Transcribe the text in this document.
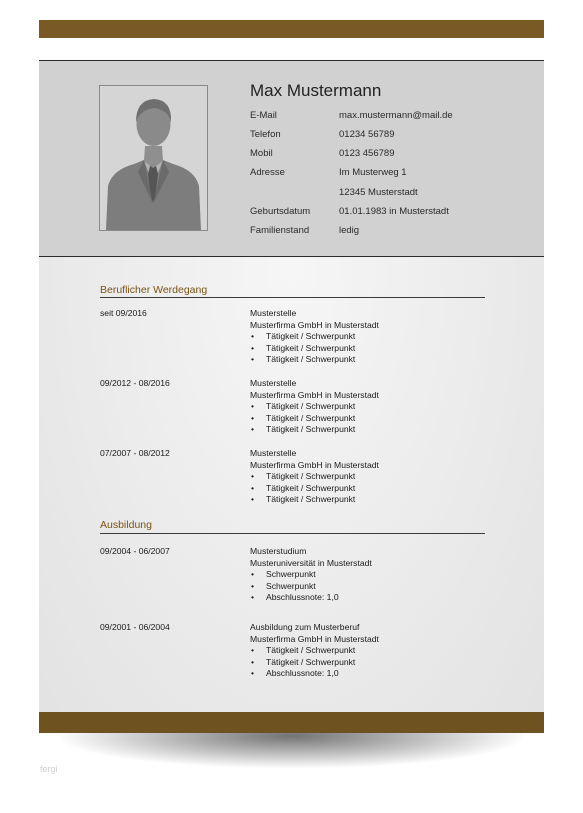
Max Mustermann
E-Mail	max.mustermann@mail.de
Telefon	01234 56789
Mobil	0123 456789
Adresse	Im Musterweg 1
12345 Musterstadt
Geburtsdatum	01.01.1983 in Musterstadt
Familienstand	ledig
Beruflicher Werdegang
seit 09/2016	Musterstelle
Musterfirma GmbH in Musterstadt
• Tätigkeit / Schwerpunkt
• Tätigkeit / Schwerpunkt
• Tätigkeit / Schwerpunkt
09/2012 - 08/2016	Musterstelle
Musterfirma GmbH in Musterstadt
• Tätigkeit / Schwerpunkt
• Tätigkeit / Schwerpunkt
• Tätigkeit / Schwerpunkt
07/2007 - 08/2012	Musterstelle
Musterfirma GmbH in Musterstadt
• Tätigkeit / Schwerpunkt
• Tätigkeit / Schwerpunkt
• Tätigkeit / Schwerpunkt
Ausbildung
09/2004 - 06/2007	Musterstudium
Musteruniversität in Musterstadt
• Schwerpunkt
• Schwerpunkt
• Abschlussnote: 1,0
09/2001 - 06/2004	Ausbildung zum Musterberuf
Musterfirma GmbH in Musterstadt
• Tätigkeit / Schwerpunkt
• Tätigkeit / Schwerpunkt
• Abschlussnote: 1,0
fergi
